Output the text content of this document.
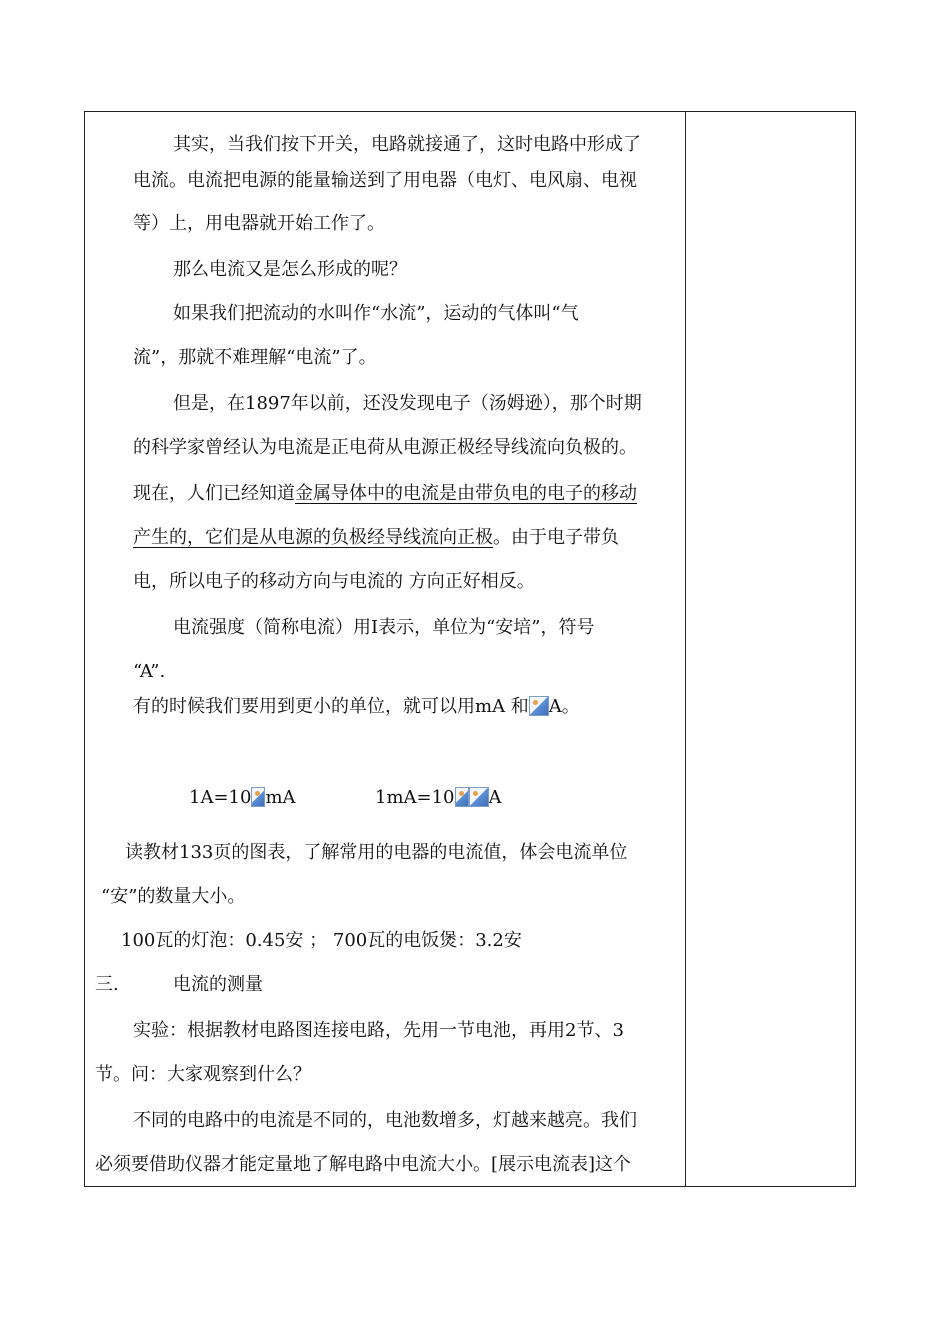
其实，当我们按下开关，电路就接通了，这时电路中形成了
电流。电流把电源的能量输送到了用电器（电灯、电风扇、电视
等）上，用电器就开始工作了。
那么电流又是怎么形成的呢？
如果我们把流动的水叫作“水流”，运动的气体叫“气
流”，那就不难理解“电流”了。
但是，在1897年以前，还没发现电子（汤姆逊），那个时期
的科学家曾经认为电流是正电荷从电源正极经导线流向负极的。
现在，人们已经知道金属导体中的电流是由带负电的电子的移动
产生的，它们是从电源的负极经导线流向正极。由于电子带负
电，所以电子的移动方向与电流的 方向正好相反。
电流强度（简称电流）用I表示，单位为“安培”，符号
“A”.
有的时候我们要用到更小的单位，就可以用mA 和 A。
1A=10 mA	1mA=10 A
读教材133页的图表，了解常用的电器的电流值，体会电流单位
“安”的数量大小。
100瓦的灯泡：0.45安 ； 700瓦的电饭煲：3.2安
三.	电流的测量
实验：根据教材电路图连接电路，先用一节电池，再用2节、3
节。问：大家观察到什么？
不同的电路中的电流是不同的，电池数增多，灯越来越亮。我们
必须要借助仪器才能定量地了解电路中电流大小。[展示电流表]这个
